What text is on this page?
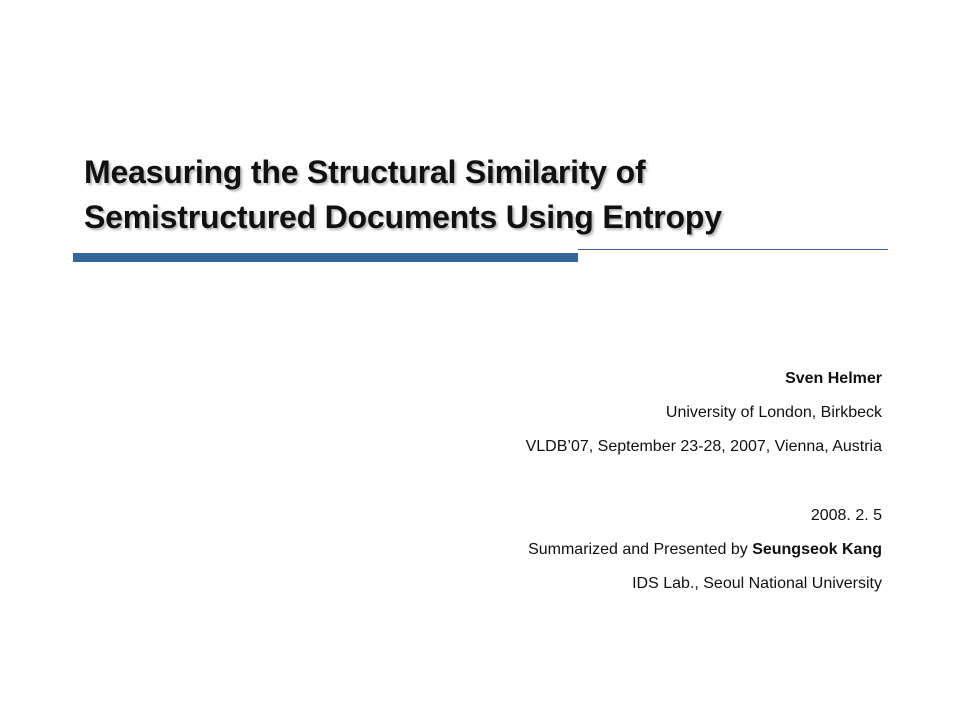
Measuring the Structural Similarity of
Semistructured Documents Using Entropy
Sven Helmer
University of London, Birkbeck
VLDB’07, September 23-28, 2007, Vienna, Austria
2008. 2. 5
Summarized and Presented by Seungseok Kang
IDS Lab., Seoul National University
